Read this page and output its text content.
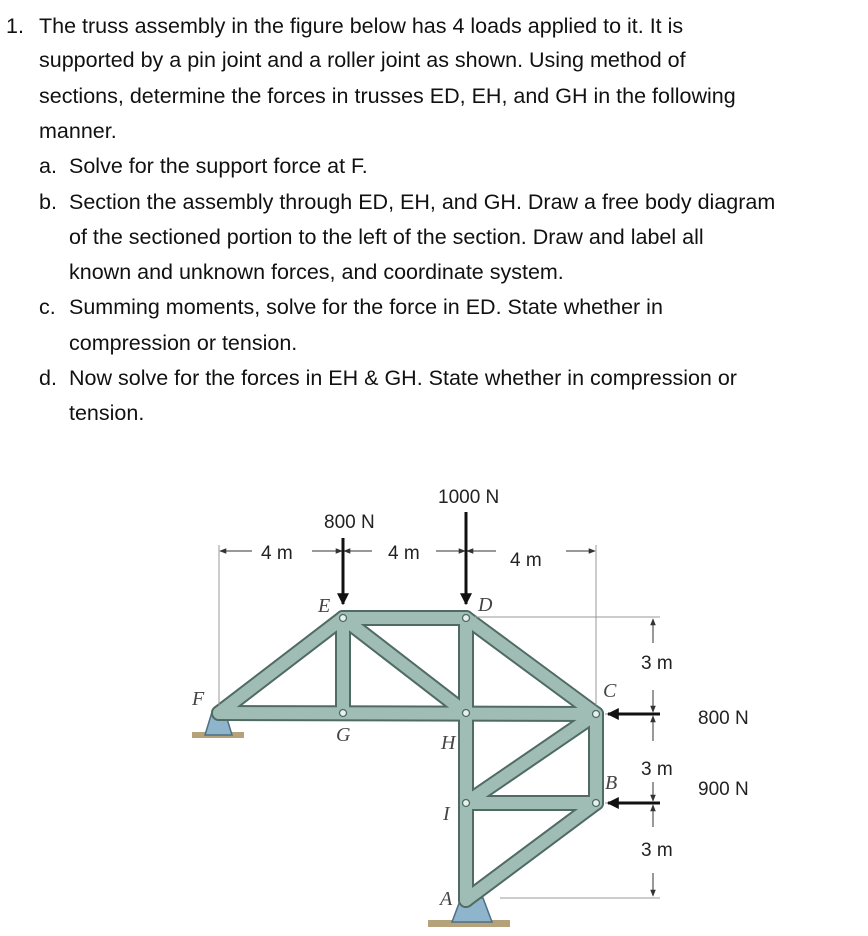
1. The truss assembly in the figure below has 4 loads applied to it. It is
supported by a pin joint and a roller joint as shown. Using method of
sections, determine the forces in trusses ED, EH, and GH in the following
manner.
a. Solve for the support force at F.
b. Section the assembly through ED, EH, and GH. Draw a free body diagram
of the sectioned portion to the left of the section. Draw and label all
known and unknown forces, and coordinate system.
c. Summing moments, solve for the force in ED. State whether in
compression or tension.
d. Now solve for the forces in EH & GH. State whether in compression or
tension.
4 m	4 m	4 m
3 m
3 m
3 m
800 N
1000 N
800 N
900 N
F
E	D
C
G	H
B
I
A
